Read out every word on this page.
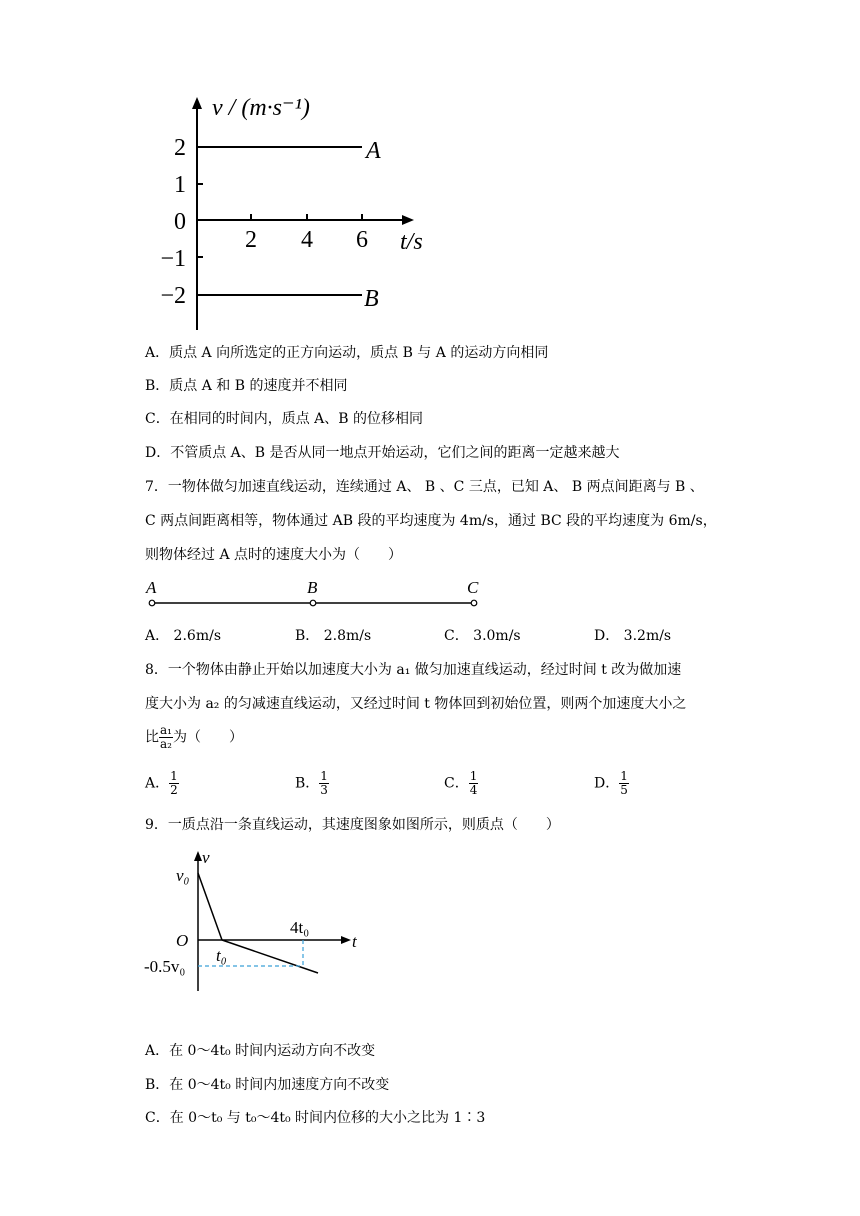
v / (m·s⁻¹)
2
1
0
−1
−2
2 4 6 t/s
A
B
A．质点 A 向所选定的正方向运动，质点 B 与 A 的运动方向相同
B．质点 A 和 B 的速度并不相同
C．在相同的时间内，质点 A、B 的位移相同
D．不管质点 A、B 是否从同一地点开始运动，它们之间的距离一定越来越大
7．一物体做匀加速直线运动，连续通过 A、 B 、C 三点，已知 A、 B 两点间距离与 B 、
C 两点间距离相等，物体通过 AB 段的平均速度为 4m/s，通过 BC 段的平均速度为 6m/s，
则物体经过 A 点时的速度大小为（　　）
A	B	C
A． 2.6m/s	B． 2.8m/s	C． 3.0m/s	D． 3.2m/s
8．一个物体由静止开始以加速度大小为 a₁ 做匀加速直线运动，经过时间 t 改为做加速
度大小为 a₂ 的匀减速直线运动，又经过时间 t 物体回到初始位置，则两个加速度大小之
比 $\frac{\text{a₁}}{\text{a₂}}$ 为（　　）
A． $\frac{1}{2}$	B． $\frac{1}{3}$	C． $\frac{1}{4}$	D． $\frac{1}{5}$
9．一质点沿一条直线运动，其速度图象如图所示，则质点（　　）
v
v₀
O
t₀
4t₀
t
-0.5v₀
A．在 0～4t₀ 时间内运动方向不改变
B．在 0～4t₀ 时间内加速度方向不改变
C．在 0～t₀ 与 t₀～4t₀ 时间内位移的大小之比为 1∶3
